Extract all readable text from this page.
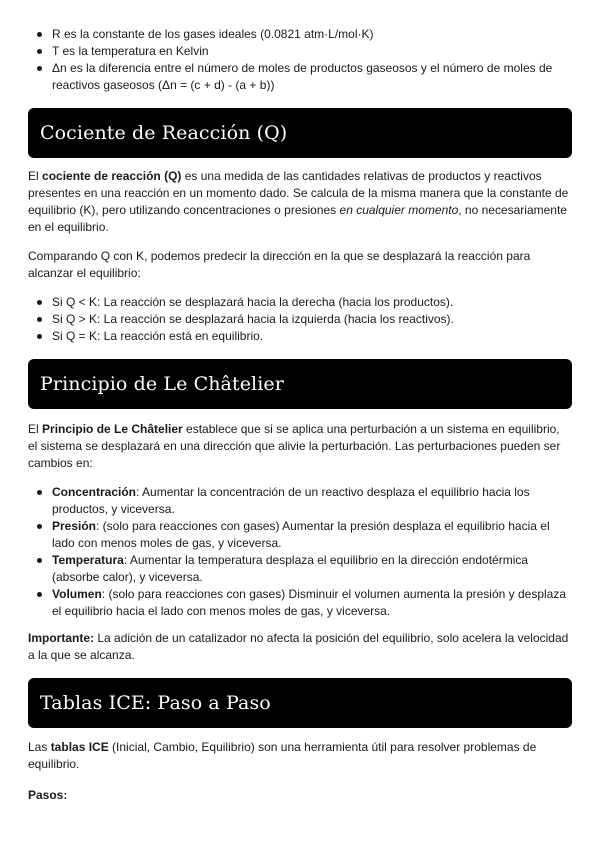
R es la constante de los gases ideales (0.0821 atm·L/mol·K)
T es la temperatura en Kelvin
Δn es la diferencia entre el número de moles de productos gaseosos y el número de moles de reactivos gaseosos (Δn = (c + d) - (a + b))
Cociente de Reacción (Q)

El cociente de reacción (Q) es una medida de las cantidades relativas de productos y reactivos presentes en una reacción en un momento dado. Se calcula de la misma manera que la constante de equilibrio (K), pero utilizando concentraciones o presiones en cualquier momento, no necesariamente en el equilibrio.

Comparando Q con K, podemos predecir la dirección en la que se desplazará la reacción para alcanzar el equilibrio:

Si Q < K: La reacción se desplazará hacia la derecha (hacia los productos).
Si Q > K: La reacción se desplazará hacia la izquierda (hacia los reactivos).
Si Q = K: La reacción está en equilibrio.
Principio de Le Châtelier

El Principio de Le Châtelier establece que si se aplica una perturbación a un sistema en equilibrio, el sistema se desplazará en una dirección que alivie la perturbación. Las perturbaciones pueden ser cambios en:

Concentración: Aumentar la concentración de un reactivo desplaza el equilibrio hacia los productos, y viceversa.
Presión: (solo para reacciones con gases) Aumentar la presión desplaza el equilibrio hacia el lado con menos moles de gas, y viceversa.
Temperatura: Aumentar la temperatura desplaza el equilibrio en la dirección endotérmica (absorbe calor), y viceversa.
Volumen: (solo para reacciones con gases) Disminuir el volumen aumenta la presión y desplaza el equilibrio hacia el lado con menos moles de gas, y viceversa.

Importante: La adición de un catalizador no afecta la posición del equilibrio, solo acelera la velocidad a la que se alcanza.

Tablas ICE: Paso a Paso

Las tablas ICE (Inicial, Cambio, Equilibrio) son una herramienta útil para resolver problemas de equilibrio.

Pasos:
